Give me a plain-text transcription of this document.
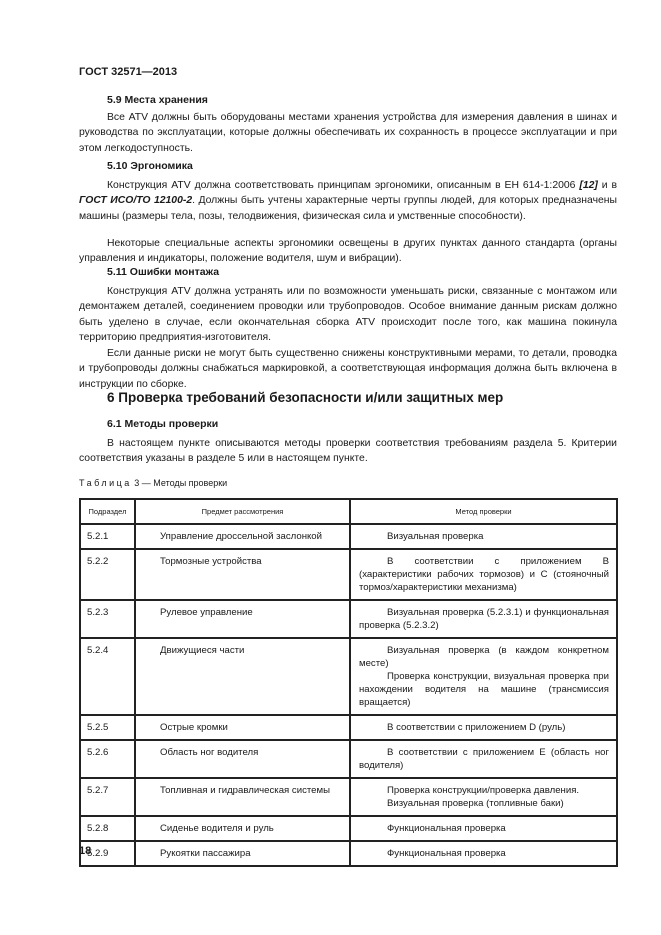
ГОСТ 32571—2013
5.9 Места хранения

Все ATV должны быть оборудованы местами хранения устройства для измерения давления в шинах и руководства по эксплуатации, которые должны обеспечивать их сохранность в процессе эксплуатации и при этом легкодоступность.

5.10 Эргономика

Конструкция ATV должна соответствовать принципам эргономики, описанным в ЕН 614-1:2006 [12] и в ГОСТ ИСО/ТО 12100-2. Должны быть учтены характерные черты группы людей, для которых предназначены машины (размеры тела, позы, телодвижения, физическая сила и умственные способности).

Некоторые специальные аспекты эргономики освещены в других пунктах данного стандарта (органы управления и индикаторы, положение водителя, шум и вибрации).

5.11 Ошибки монтажа

Конструкция ATV должна устранять или по возможности уменьшать риски, связанные с монтажом или демонтажем деталей, соединением проводки или трубопроводов. Особое внимание данным рискам должно быть уделено в случае, если окончательная сборка ATV происходит после того, как машина покинула территорию предприятия-изготовителя.

Если данные риски не могут быть существенно снижены конструктивными мерами, то детали, проводка и трубопроводы должны снабжаться маркировкой, а соответствующая информация должна быть включена в инструкции по сборке.

6 Проверка требований безопасности и/или защитных мер
6.1 Методы проверки

В настоящем пункте описываются методы проверки соответствия требованиям раздела 5. Критерии соответствия указаны в разделе 5 или в настоящем пункте.

Таблица 3 — Методы проверки
Подраздел	Предмет рассмотрения	Метод проверки
5.2.1	Управление дроссельной заслонкой	Визуальная проверка

5.2.2	Тормозные устройства	В соответствии с приложением B (характеристики рабочих тормозов) и C (стояночный тормоз/характеристики механизма)

5.2.3	Рулевое управление	Визуальная проверка (5.2.3.1) и функциональная проверка (5.2.3.2)

5.2.4	Движущиеся части	Визуальная проверка (в каждом конкретном месте)
Проверка конструкции, визуальная проверка при нахождении водителя на машине (трансмиссия вращается)

5.2.5	Острые кромки	В соответствии с приложением D (руль)

5.2.6	Область ног водителя	В соответствии с приложением E (область ног водителя)

5.2.7	Топливная и гидравлическая системы	Проверка конструкции/проверка давления.
Визуальная проверка (топливные баки)

5.2.8	Сиденье водителя и руль	Функциональная проверка

5.2.9	Рукоятки пассажира	Функциональная проверка
18
